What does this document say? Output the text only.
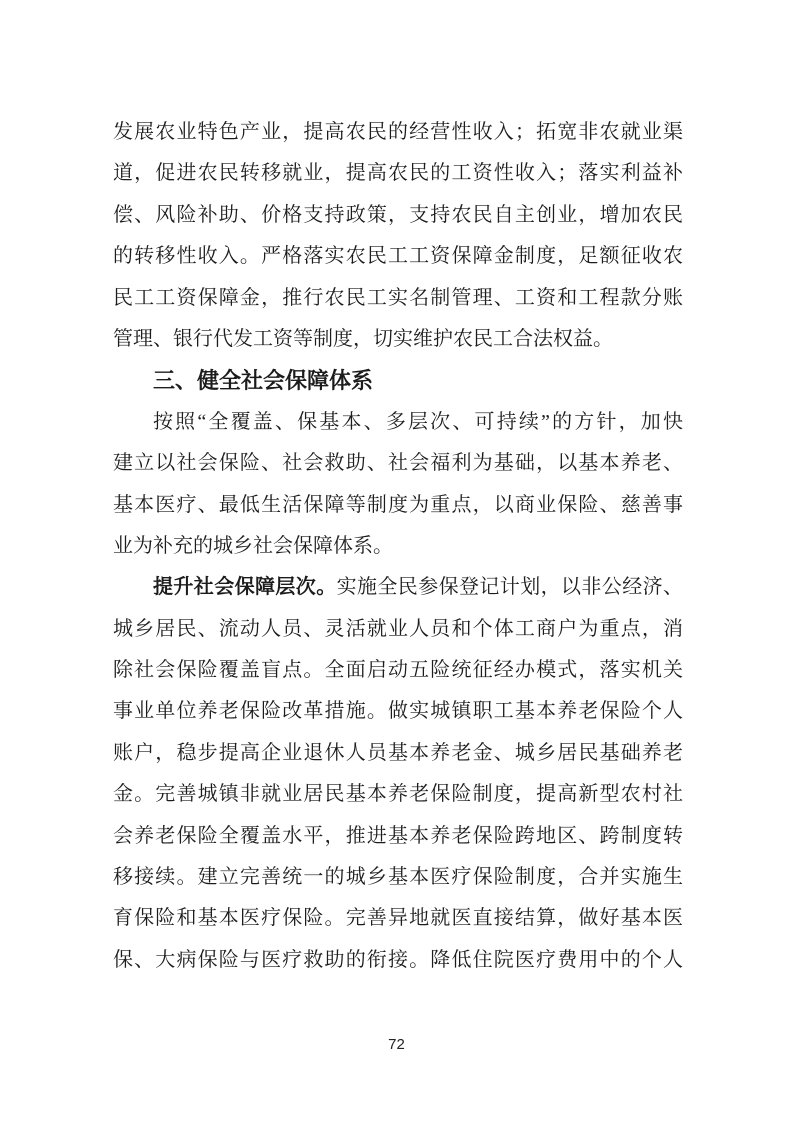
发展农业特色产业，提高农民的经营性收入；拓宽非农就业渠
道，促进农民转移就业，提高农民的工资性收入；落实利益补
偿、风险补助、价格支持政策，支持农民自主创业，增加农民
的转移性收入。严格落实农民工工资保障金制度，足额征收农
民工工资保障金，推行农民工实名制管理、工资和工程款分账
管理、银行代发工资等制度，切实维护农民工合法权益。
三、健全社会保障体系
按照“全覆盖、保基本、多层次、可持续”的方针，加快
建立以社会保险、社会救助、社会福利为基础，以基本养老、
基本医疗、最低生活保障等制度为重点，以商业保险、慈善事
业为补充的城乡社会保障体系。
提升社会保障层次。实施全民参保登记计划，以非公经济、
城乡居民、流动人员、灵活就业人员和个体工商户为重点，消
除社会保险覆盖盲点。全面启动五险统征经办模式，落实机关
事业单位养老保险改革措施。做实城镇职工基本养老保险个人
账户，稳步提高企业退休人员基本养老金、城乡居民基础养老
金。完善城镇非就业居民基本养老保险制度，提高新型农村社
会养老保险全覆盖水平，推进基本养老保险跨地区、跨制度转
移接续。建立完善统一的城乡基本医疗保险制度，合并实施生
育保险和基本医疗保险。完善异地就医直接结算，做好基本医
保、大病保险与医疗救助的衔接。降低住院医疗费用中的个人
72
